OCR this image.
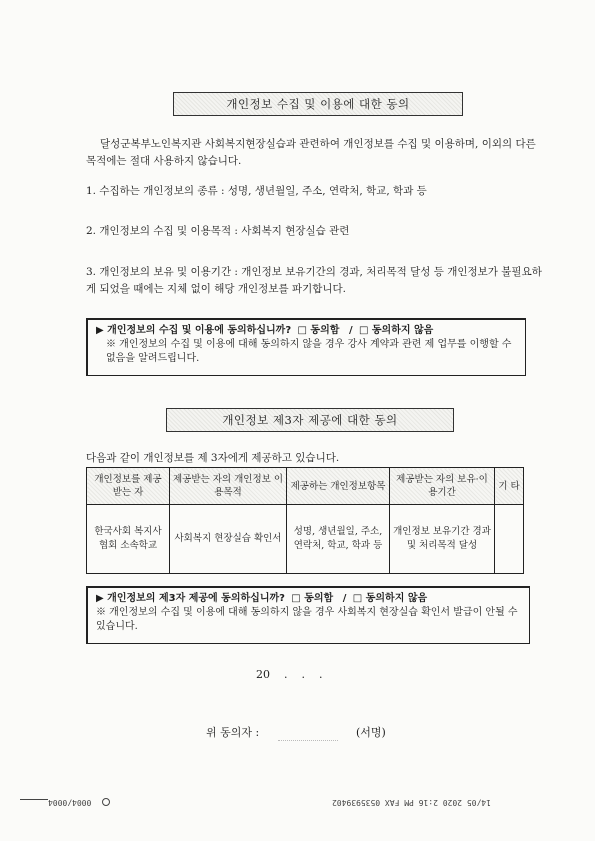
개인정보 수집 및 이용에 대한 동의
달성군복부노인복지관 사회복지현장실습과 관련하여 개인정보를 수집 및 이용하며, 이외의 다른 목적에는 절대 사용하지 않습니다.
1. 수집하는 개인정보의 종류 : 성명, 생년월일, 주소, 연락처, 학교, 학과 등
2. 개인정보의 수집 및 이용목적 : 사회복지 현장실습 관련
3. 개인정보의 보유 및 이용기간 : 개인정보 보유기간의 경과, 처리목적 달성 등 개인정보가 불필요하게 되었을 때에는 지체 없이 해당 개인정보를 파기합니다.
▶ 개인정보의 수집 및 이용에 동의하십니까? □ 동의함 / □ 동의하지 않음
※ 개인정보의 수집 및 이용에 대해 동의하지 않을 경우 강사 계약과 관련 제 업무를 이행할 수 없음을 알려드립니다.
개인정보 제3자 제공에 대한 동의
다음과 같이 개인정보를 제 3자에게 제공하고 있습니다.
개인정보를 제공 받는 자	제공받는 자의 개인정보 이용목적	제공하는 개인정보항목	제공받는 자의 보유·이용기간	기 타
한국사회 복지사협회 소속학교	사회복지 현장실습 확인서	성명, 생년월일, 주소, 연락처, 학교, 학과 등	개인정보 보유기간 경과 및 처리목적 달성	
▶ 개인정보의 제3자 제공에 동의하십니까? □ 동의함 / □ 동의하지 않음
※ 개인정보의 수집 및 이용에 대해 동의하지 않을 경우 사회복지 현장실습 확인서 발급이 안될 수 있습니다.
20    .    .    .
위 동의자 :	(서명)
14/05 2020 2:16 PM FAX 0535939402
0004/0004
